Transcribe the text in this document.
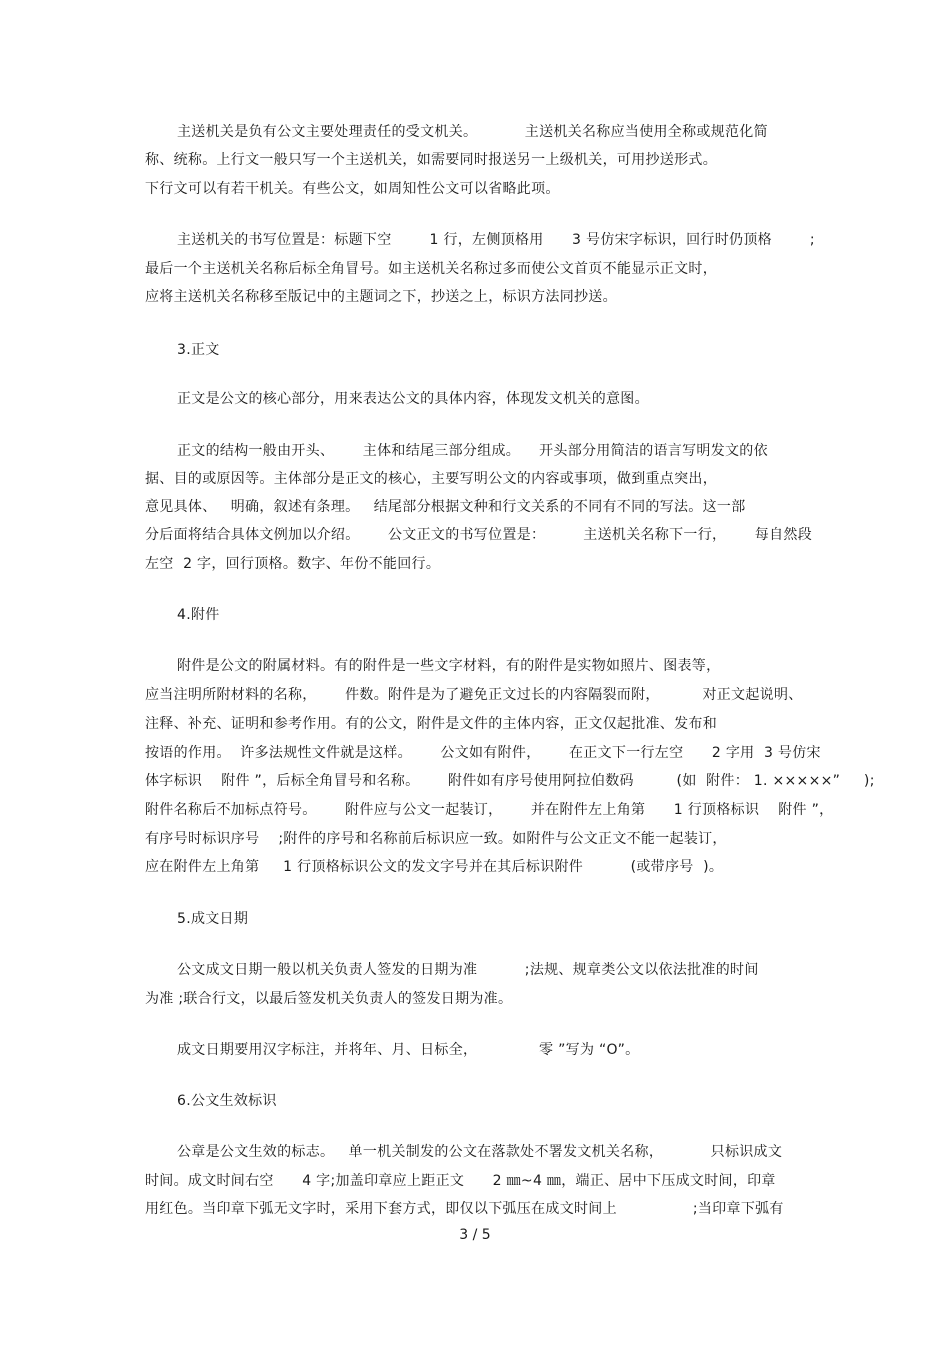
主送机关是负有公文主要处理责任的受文机关。          主送机关名称应当使用全称或规范化简
称、统称。上行文一般只写一个主送机关，如需要同时报送另一上级机关，可用抄送形式。
下行文可以有若干机关。有些公文，如周知性公文可以省略此项。
主送机关的书写位置是：标题下空        1 行，左侧顶格用      3 号仿宋字标识，回行时仍顶格        ;
最后一个主送机关名称后标全角冒号。如主送机关名称过多而使公文首页不能显示正文时，
应将主送机关名称移至版记中的主题词之下，抄送之上，标识方法同抄送。
3.正文
正文是公文的核心部分，用来表达公文的具体内容，体现发文机关的意图。
正文的结构一般由开头、      主体和结尾三部分组成。    开头部分用简洁的语言写明发文的依
据、目的或原因等。主体部分是正文的核心，主要写明公文的内容或事项，做到重点突出，
意见具体、   明确，叙述有条理。   结尾部分根据文种和行文关系的不同有不同的写法。这一部
分后面将结合具体文例加以介绍。      公文正文的书写位置是：        主送机关名称下一行，      每自然段
左空  2 字，回行顶格。数字、年份不能回行。
4.附件
附件是公文的附属材料。有的附件是一些文字材料，有的附件是实物如照片、图表等，
应当注明所附材料的名称，      件数。附件是为了避免正文过长的内容隔裂而附，         对正文起说明、
注释、补充、证明和参考作用。有的公文，附件是文件的主体内容，正文仅起批准、发布和
按语的作用。  许多法规性文件就是这样。      公文如有附件，      在正文下一行左空      2 字用  3 号仿宋
体字标识    附件 ”，后标全角冒号和名称。      附件如有序号使用阿拉伯数码         (如  附件： 1. ×××××”     );
附件名称后不加标点符号。      附件应与公文一起装订，      并在附件左上角第      1 行顶格标识    附件 ”，
有序号时标识序号    ;附件的序号和名称前后标识应一致。如附件与公文正文不能一起装订，
应在附件左上角第     1 行顶格标识公文的发文字号并在其后标识附件          (或带序号  )。
5.成文日期
公文成文日期一般以机关负责人签发的日期为准          ;法规、规章类公文以依法批准的时间
为准 ;联合行文，以最后签发机关负责人的签发日期为准。
成文日期要用汉字标注，并将年、月、日标全，             零 ”写为 “O”。
6.公文生效标识
公章是公文生效的标志。   单一机关制发的公文在落款处不署发文机关名称，          只标识成文
时间。成文时间右空      4 字;加盖印章应上距正文      2 ㎜~4 ㎜，端正、居中下压成文时间，印章
用红色。当印章下弧无文字时，采用下套方式，即仅以下弧压在成文时间上                ;当印章下弧有
3 / 5
